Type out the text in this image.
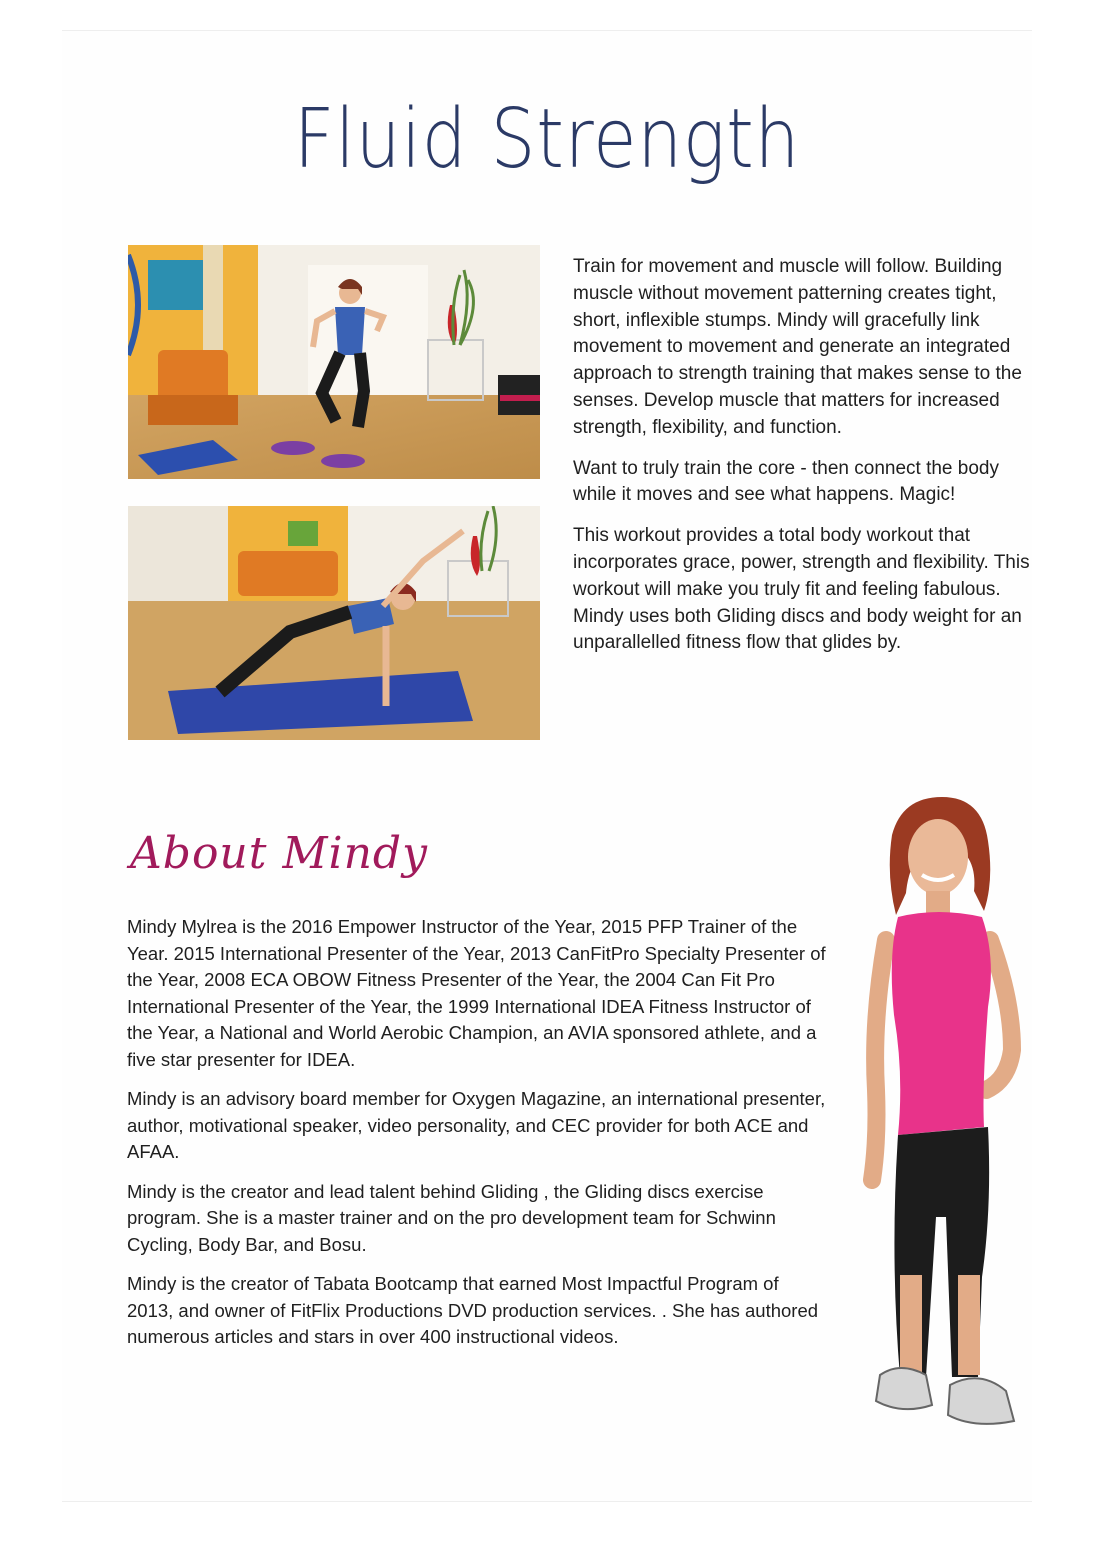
Fluid Strength

Train for movement and muscle will follow. Building muscle without movement patterning creates tight, short, inflexible stumps. Mindy will gracefully link movement to movement and generate an integrated approach to strength training that makes sense to the senses. Develop muscle that matters for increased strength, flexibility, and function.

Want to truly train the core - then connect the body while it moves and see what happens. Magic!

This workout provides a total body workout that incorporates grace, power, strength and flexibility. This workout will make you truly fit and feeling fabulous. Mindy uses both Gliding discs and body weight for an unparallelled fitness flow that glides by.

About Mindy

Mindy Mylrea is the 2016 Empower Instructor of the Year, 2015 PFP Trainer of the Year. 2015 International Presenter of the Year, 2013 CanFitPro Specialty Presenter of the Year, 2008 ECA OBOW Fitness Presenter of the Year, the 2004 Can Fit Pro International Presenter of the Year, the 1999 International IDEA Fitness Instructor of the Year, a National and World Aerobic Champion, an AVIA sponsored athlete, and a five star presenter for IDEA.

Mindy is an advisory board member for Oxygen Magazine, an international presenter, author, motivational speaker, video personality, and CEC provider for both ACE and AFAA.

Mindy is the creator and lead talent behind Gliding , the Gliding discs exercise program. She is a master trainer and on the pro development team for Schwinn Cycling, Body Bar, and Bosu.

Mindy is the creator of Tabata Bootcamp that earned Most Impactful Program of 2013, and owner of FitFlix Productions DVD production services. . She has authored numerous articles and stars in over 400 instructional videos.
